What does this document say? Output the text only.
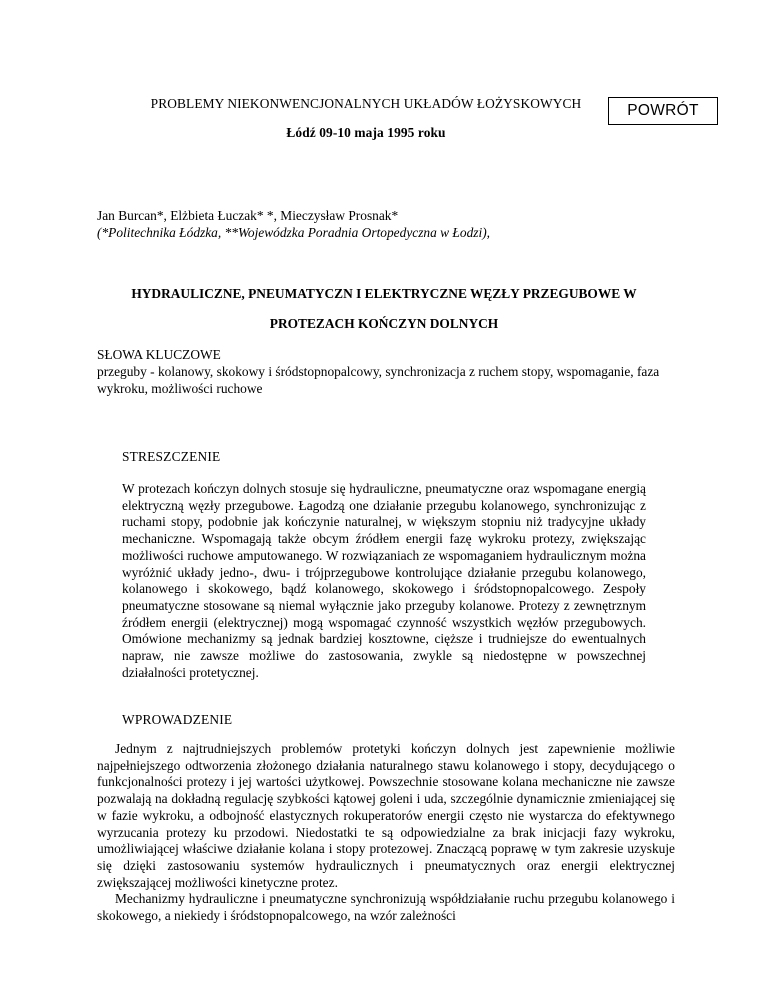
PROBLEMY NIEKONWENCJONALNYCH UKŁADÓW ŁOŻYSKOWYCH
Łódź 09-10 maja 1995 roku
POWRÓT
Jan Burcan*, Elżbieta Łuczak* *, Mieczysław Prosnak*
(*Politechnika Łódzka, **Wojewódzka Poradnia Ortopedyczna w Łodzi),
HYDRAULICZNE, PNEUMATYCZN I ELEKTRYCZNE WĘZŁY PRZEGUBOWE W
PROTEZACH KOŃCZYN DOLNYCH
SŁOWA KLUCZOWE
przeguby - kolanowy, skokowy i śródstopnopalcowy, synchronizacja z ruchem stopy, wspomaganie, faza wykroku, możliwości ruchowe
STRESZCZENIE

W protezach kończyn dolnych stosuje się hydrauliczne, pneumatyczne oraz wspomagane energią elektryczną węzły przegubowe. Łagodzą one działanie przegubu kolanowego, synchronizując z ruchami stopy, podobnie jak kończynie naturalnej, w większym stopniu niż tradycyjne układy mechaniczne. Wspomagają także obcym źródłem energii fazę wykroku protezy, zwiększając możliwości ruchowe amputowanego. W rozwiązaniach ze wspomaganiem hydraulicznym można wyróżnić układy jedno-, dwu- i trójprzegubowe kontrolujące działanie przegubu kolanowego, kolanowego i skokowego, bądź kolanowego, skokowego i śródstopnopalcowego. Zespoły pneumatyczne stosowane są niemal wyłącznie jako przeguby kolanowe. Protezy z zewnętrznym źródłem energii (elektrycznej) mogą wspomagać czynność wszystkich węzłów przegubowych. Omówione mechanizmy są jednak bardziej kosztowne, cięższe i trudniejsze do ewentualnych napraw, nie zawsze możliwe do zastosowania, zwykle są niedostępne w powszechnej działalności protetycznej.

WPROWADZENIE

Jednym z najtrudniejszych problemów protetyki kończyn dolnych jest zapewnienie możliwie najpełniejszego odtworzenia złożonego działania naturalnego stawu kolanowego i stopy, decydującego o funkcjonalności protezy i jej wartości użytkowej. Powszechnie stosowane kolana mechaniczne nie zawsze pozwalają na dokładną regulację szybkości kątowej goleni i uda, szczególnie dynamicznie zmieniającej się w fazie wykroku, a odbojność elastycznych rokuperatorów energii często nie wystarcza do efektywnego wyrzucania protezy ku przodowi. Niedostatki te są odpowiedzialne za brak inicjacji fazy wykroku, umożliwiającej właściwe działanie kolana i stopy protezowej. Znaczącą poprawę w tym zakresie uzyskuje się dzięki zastosowaniu systemów hydraulicznych i pneumatycznych oraz energii elektrycznej zwiększającej możliwości kinetyczne protez.

Mechanizmy hydrauliczne i pneumatyczne synchronizują współdziałanie ruchu przegubu kolanowego i skokowego, a niekiedy i śródstopnopalcowego, na wzór zależności
